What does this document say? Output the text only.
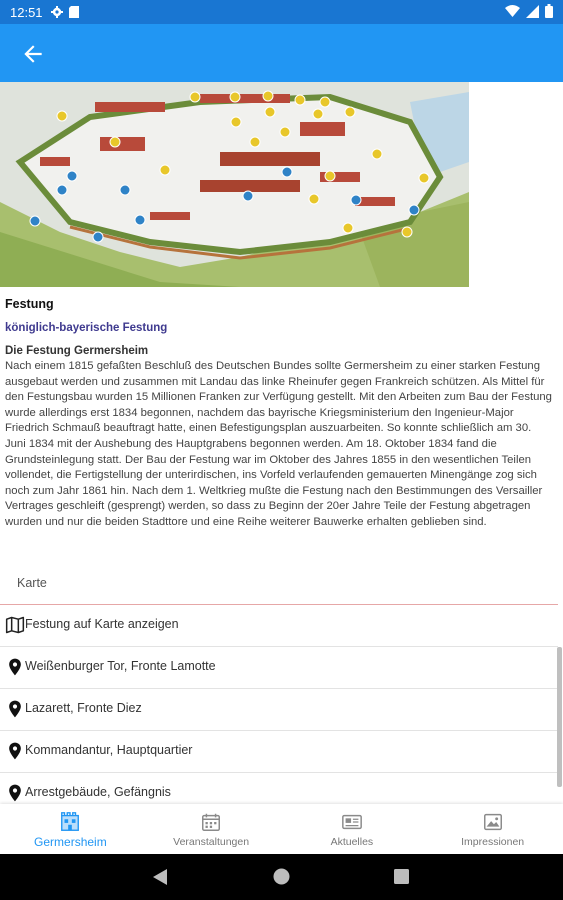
12:51
Festung
königlich-bayerische Festung
Die Festung Germersheim

Nach einem 1815 gefaßten Beschluß des Deutschen Bundes sollte Germersheim zu einer starken Festung ausgebaut werden und zusammen mit Landau das linke Rheinufer gegen Frankreich schützen. Als Mittel für den Festungsbau wurden 15 Millionen Franken zur Verfügung gestellt. Mit den Arbeiten zum Bau der Festung wurde allerdings erst 1834 begonnen, nachdem das bayrische Kriegsministerium den Ingenieur-Major Friedrich Schmauß beauftragt hatte, einen Befestigungsplan auszuarbeiten. So konnte schließlich am 30. Juni 1834 mit der Aushebung des Hauptgrabens begonnen werden. Am 18. Oktober 1834 fand die Grundsteinlegung statt. Der Bau der Festung war im Oktober des Jahres 1855 in den wesentlichen Teilen vollendet, die Fertigstellung der unterirdischen, ins Vorfeld verlaufenden gemauerten Minengänge zog sich noch zum Jahr 1861 hin. Nach dem 1. Weltkrieg mußte die Festung nach den Bestimmungen des Versailler Vertrages geschleift (gesprengt) werden, so dass zu Beginn der 20er Jahre Teile der Festung abgetragen wurden und nur die beiden Stadttore und eine Reihe weiterer Bauwerke erhalten geblieben sind.

Karte
Festung auf Karte anzeigen
Weißenburger Tor, Fronte Lamotte
Lazarett, Fronte Diez
Kommandantur, Hauptquartier
Arrestgebäude, Gefängnis
Germersheim	Veranstaltungen	Aktuelles	Impressionen
